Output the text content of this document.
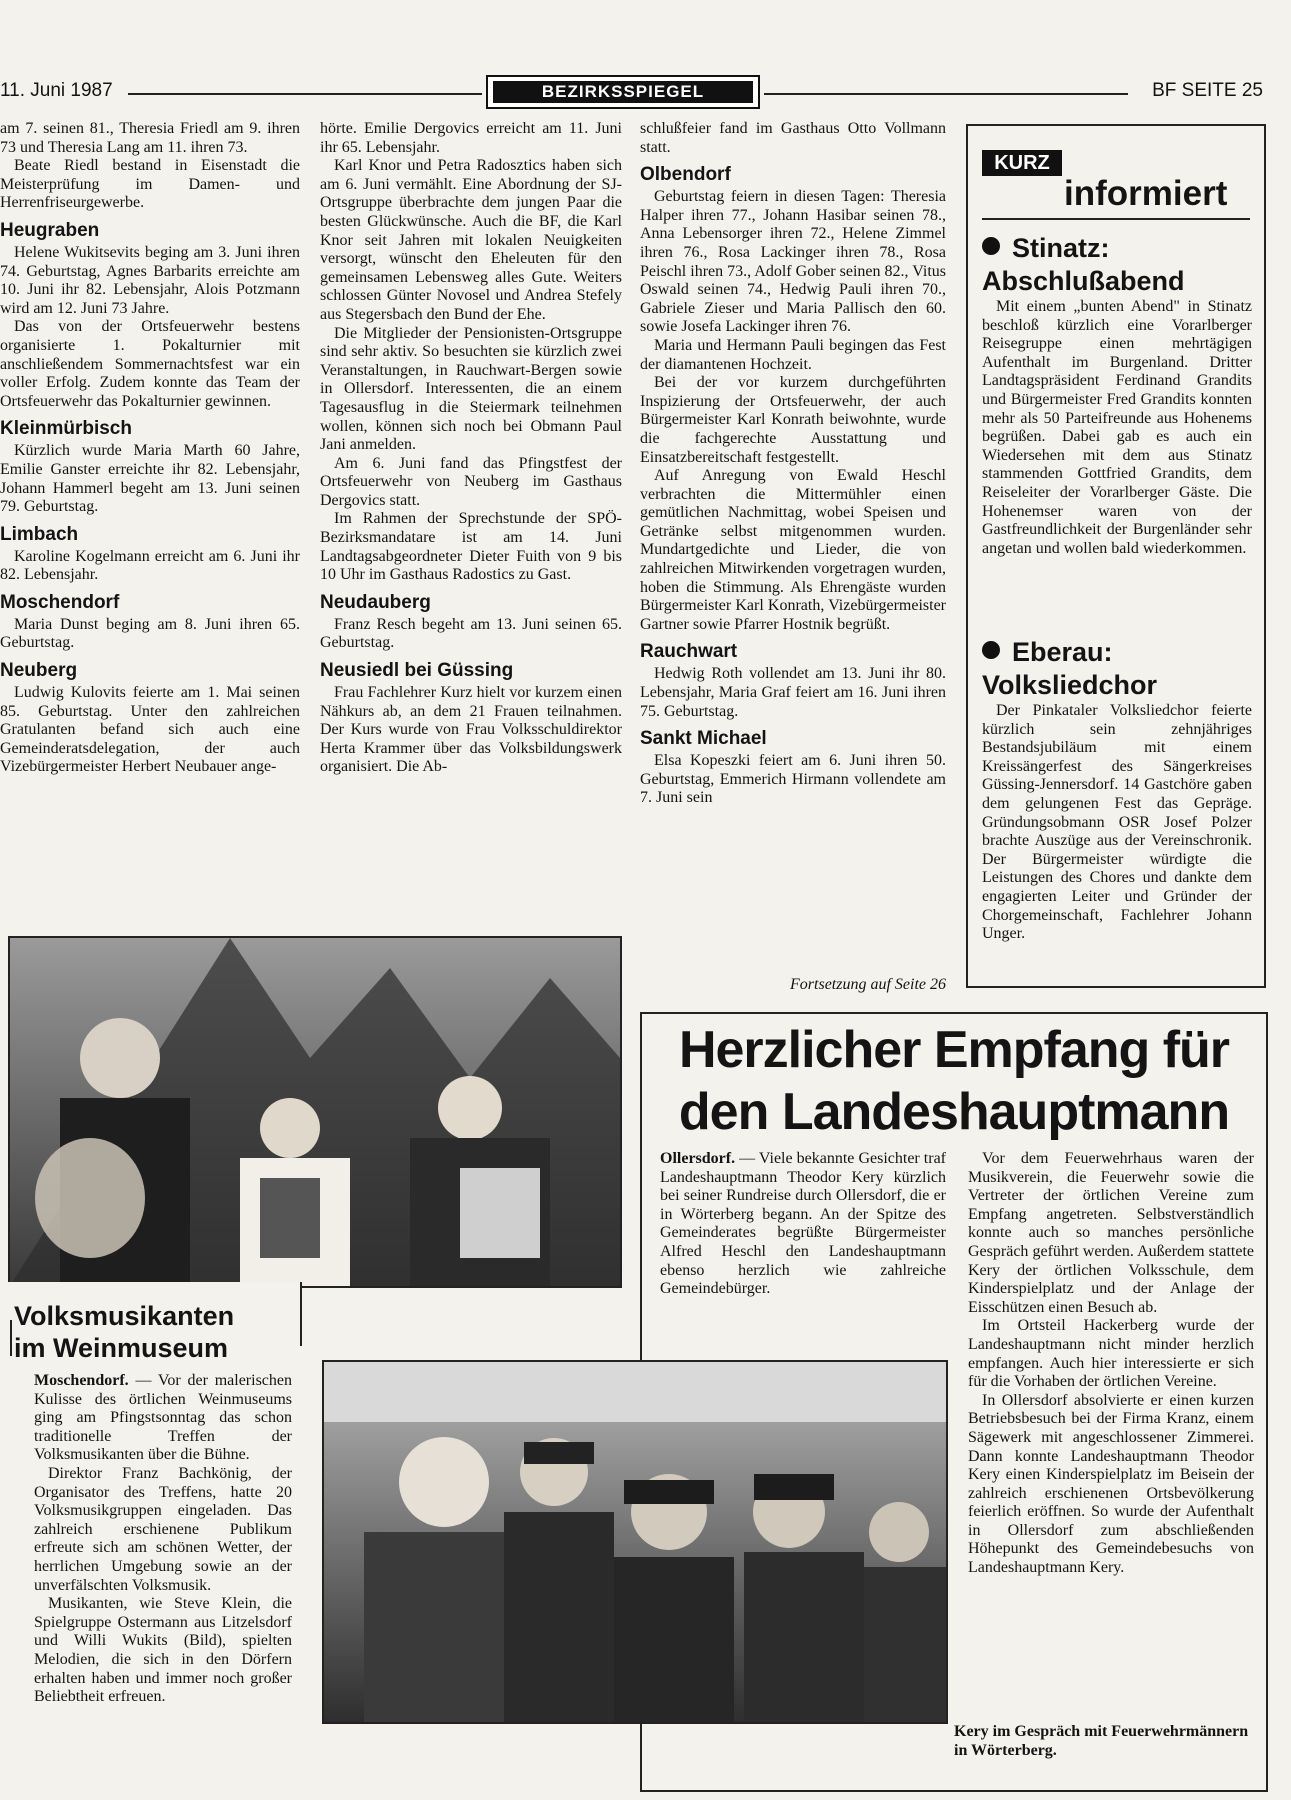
11. Juni 1987	BEZIRKSSPIEGEL	BF SEITE 25

am 7. seinen 81., Theresia Friedl am 9. ihren 73 und Theresia Lang am 11. ihren 73.

Beate Riedl bestand in Eisenstadt die Meisterprüfung im Damen- und Herrenfriseurgewerbe.

Heugraben

Helene Wukitsevits beging am 3. Juni ihren 74. Geburtstag, Agnes Barbarits erreichte am 10. Juni ihr 82. Lebensjahr, Alois Potzmann wird am 12. Juni 73 Jahre.

Das von der Ortsfeuerwehr bestens organisierte 1. Pokalturnier mit anschließendem Sommernachtsfest war ein voller Erfolg. Zudem konnte das Team der Ortsfeuerwehr das Pokalturnier gewinnen.

Kleinmürbisch

Kürzlich wurde Maria Marth 60 Jahre, Emilie Ganster erreichte ihr 82. Lebensjahr, Johann Hammerl begeht am 13. Juni seinen 79. Geburtstag.

Limbach

Karoline Kogelmann erreicht am 6. Juni ihr 82. Lebensjahr.

Moschendorf

Maria Dunst beging am 8. Juni ihren 65. Geburtstag.

Neuberg

Ludwig Kulovits feierte am 1. Mai seinen 85. Geburtstag. Unter den zahlreichen Gratulanten befand sich auch eine Gemeinderatsdelegation, der auch Vizebürgermeister Herbert Neubauer ange-

hörte. Emilie Dergovics erreicht am 11. Juni ihr 65. Lebensjahr.

Karl Knor und Petra Radosztics haben sich am 6. Juni vermählt. Eine Abordnung der SJ-Ortsgruppe überbrachte dem jungen Paar die besten Glückwünsche. Auch die BF, die Karl Knor seit Jahren mit lokalen Neuigkeiten versorgt, wünscht den Eheleuten für den gemeinsamen Lebensweg alles Gute. Weiters schlossen Günter Novosel und Andrea Stefely aus Stegersbach den Bund der Ehe.

Die Mitglieder der Pensionisten-Ortsgruppe sind sehr aktiv. So besuchten sie kürzlich zwei Veranstaltungen, in Rauchwart-Bergen sowie in Ollersdorf. Interessenten, die an einem Tagesausflug in die Steiermark teilnehmen wollen, können sich noch bei Obmann Paul Jani anmelden.

Am 6. Juni fand das Pfingstfest der Ortsfeuerwehr von Neuberg im Gasthaus Dergovics statt.

Im Rahmen der Sprechstunde der SPÖ-Bezirksmandatare ist am 14. Juni Landtagsabgeordneter Dieter Fuith von 9 bis 10 Uhr im Gasthaus Radostics zu Gast.

Neudauberg

Franz Resch begeht am 13. Juni seinen 65. Geburtstag.

Neusiedl bei Güssing

Frau Fachlehrer Kurz hielt vor kurzem einen Nähkurs ab, an dem 21 Frauen teilnahmen. Der Kurs wurde von Frau Volksschuldirektor Herta Krammer über das Volksbildungswerk organisiert. Die Ab-

schlußfeier fand im Gasthaus Otto Vollmann statt.

Olbendorf

Geburtstag feiern in diesen Tagen: Theresia Halper ihren 77., Johann Hasibar seinen 78., Anna Lebensorger ihren 72., Helene Zimmel ihren 76., Rosa Lackinger ihren 78., Rosa Peischl ihren 73., Adolf Gober seinen 82., Vitus Oswald seinen 74., Hedwig Pauli ihren 70., Gabriele Zieser und Maria Pallisch den 60. sowie Josefa Lackinger ihren 76.

Maria und Hermann Pauli begingen das Fest der diamantenen Hochzeit.

Bei der vor kurzem durchgeführten Inspizierung der Ortsfeuerwehr, der auch Bürgermeister Karl Konrath beiwohnte, wurde die fachgerechte Ausstattung und Einsatzbereitschaft festgestellt.

Auf Anregung von Ewald Heschl verbrachten die Mittermühler einen gemütlichen Nachmittag, wobei Speisen und Getränke selbst mitgenommen wurden. Mundartgedichte und Lieder, die von zahlreichen Mitwirkenden vorgetragen wurden, hoben die Stimmung. Als Ehrengäste wurden Bürgermeister Karl Konrath, Vizebürgermeister Gartner sowie Pfarrer Hostnik begrüßt.

Rauchwart

Hedwig Roth vollendet am 13. Juni ihr 80. Lebensjahr, Maria Graf feiert am 16. Juni ihren 75. Geburtstag.

Sankt Michael

Elsa Kopeszki feiert am 6. Juni ihren 50. Geburtstag, Emmerich Hirmann vollendete am 7. Juni sein

Fortsetzung auf Seite 26
KURZ
informiert
Stinatz:
Abschlußabend
Mit einem „bunten Abend" in Stinatz beschloß kürzlich eine Vorarlberger Reisegruppe einen mehrtägigen Aufenthalt im Burgenland. Dritter Landtagspräsident Ferdinand Grandits und Bürgermeister Fred Grandits konnten mehr als 50 Parteifreunde aus Hohenems begrüßen. Dabei gab es auch ein Wiedersehen mit dem aus Stinatz stammenden Gottfried Grandits, dem Reiseleiter der Vorarlberger Gäste. Die Hohenemser waren von der Gastfreundlichkeit der Burgenländer sehr angetan und wollen bald wiederkommen.
Eberau:
Volksliedchor
Der Pinkataler Volksliedchor feierte kürzlich sein zehnjähriges Bestandsjubiläum mit einem Kreissängerfest des Sängerkreises Güssing-Jennersdorf. 14 Gastchöre gaben dem gelungenen Fest das Gepräge. Gründungsobmann OSR Josef Polzer brachte Auszüge aus der Vereinschronik. Der Bürgermeister würdigte die Leistungen des Chores und dankte dem engagierten Leiter und Gründer der Chorgemeinschaft, Fachlehrer Johann Unger.
Volksmusikanten
im Weinmuseum

Moschendorf. — Vor der malerischen Kulisse des örtlichen Weinmuseums ging am Pfingstsonntag das schon traditionelle Treffen der Volksmusikanten über die Bühne.

Direktor Franz Bachkönig, der Organisator des Treffens, hatte 20 Volksmusikgruppen eingeladen. Das zahlreich erschienene Publikum erfreute sich am schönen Wetter, der herrlichen Umgebung sowie an der unverfälschten Volksmusik.

Musikanten, wie Steve Klein, die Spielgruppe Ostermann aus Litzelsdorf und Willi Wukits (Bild), spielten Melodien, die sich in den Dörfern erhalten haben und immer noch großer Beliebtheit erfreuen.

Herzlicher Empfang für
den Landeshauptmann

Ollersdorf. — Viele bekannte Gesichter traf Landeshauptmann Theodor Kery kürzlich bei seiner Rundreise durch Ollersdorf, die er in Wörterberg begann. An der Spitze des Gemeinderates begrüßte Bürgermeister Alfred Heschl den Landeshauptmann ebenso herzlich wie zahlreiche Gemeindebürger.

Vor dem Feuerwehrhaus waren der Musikverein, die Feuerwehr sowie die Vertreter der örtlichen Vereine zum Empfang angetreten. Selbstverständlich konnte auch so manches persönliche Gespräch geführt werden. Außerdem stattete Kery der örtlichen Volksschule, dem Kinderspielplatz und der Anlage der Eisschützen einen Besuch ab.

Im Ortsteil Hackerberg wurde der Landeshauptmann nicht minder herzlich empfangen. Auch hier interessierte er sich für die Vorhaben der örtlichen Vereine.

In Ollersdorf absolvierte er einen kurzen Betriebsbesuch bei der Firma Kranz, einem Sägewerk mit angeschlossener Zimmerei. Dann konnte Landeshauptmann Theodor Kery einen Kinderspielplatz im Beisein der zahlreich erschienenen Ortsbevölkerung feierlich eröffnen. So wurde der Aufenthalt in Ollersdorf zum abschließenden Höhepunkt des Gemeindebesuchs von Landeshauptmann Kery.

Kery im Gespräch mit Feuerwehrmännern in Wörterberg.
